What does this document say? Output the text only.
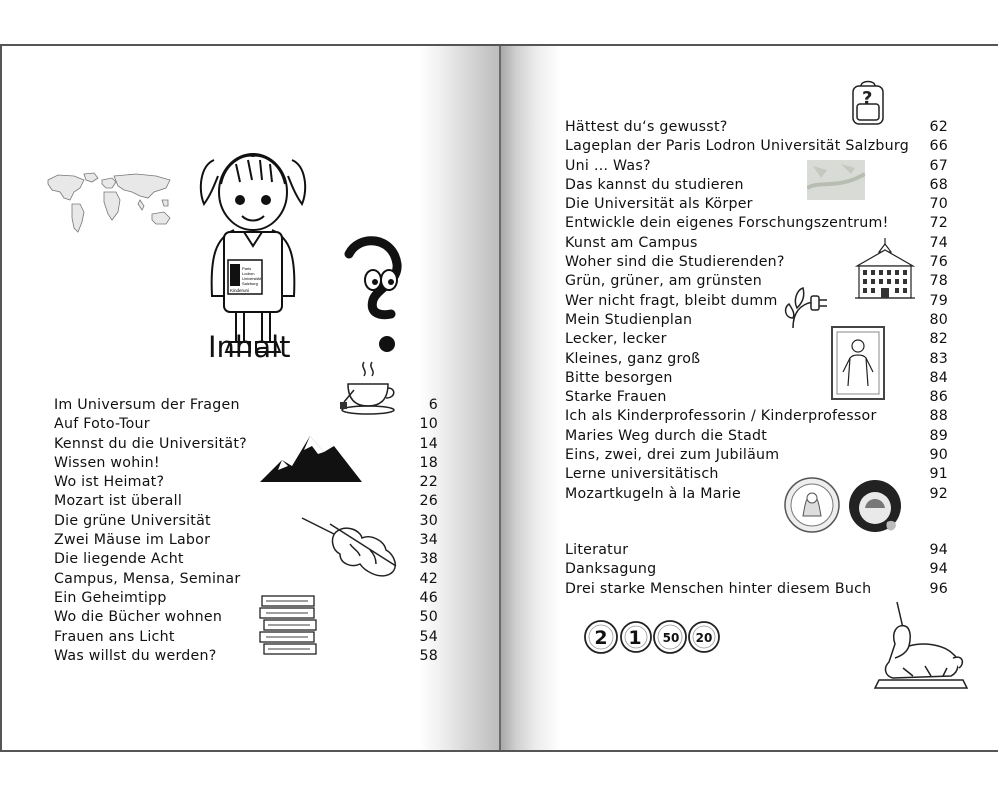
Paris
Lodron
Universität
Salzburg
Kinderuni
Inhalt
Im Universum der Fragen	6
Auf Foto-Tour	10
Kennst du die Universität?	14
Wissen wohin!	18
Wo ist Heimat?	22
Mozart ist überall	26
Die grüne Universität	30
Zwei Mäuse im Labor	34
Die liegende Acht	38
Campus, Mensa, Seminar	42
Ein Geheimtipp	46
Wo die Bücher wohnen	50
Frauen ans Licht	54
Was willst du werden?	58
?
2 1 50 20
Hättest du‘s gewusst?	62
Lageplan der Paris Lodron Universität Salzburg 66
Uni … Was?	67
Das kannst du studieren	68
Die Universität als Körper	70
Entwickle dein eigenes Forschungszentrum!	72
Kunst am Campus	74
Woher sind die Studierenden?	76
Grün, grüner, am grünsten	78
Wer nicht fragt, bleibt dumm	79
Mein Studienplan	80
Lecker, lecker	82
Kleines, ganz groß	83
Bitte besorgen	84
Starke Frauen	86
Ich als Kinderprofessorin / Kinderprofessor	88
Maries Weg durch die Stadt	89
Eins, zwei, drei zum Jubiläum	90
Lerne universitätisch	91
Mozartkugeln à la Marie	92
Literatur	94
Danksagung	94
Drei starke Menschen hinter diesem Buch	96
